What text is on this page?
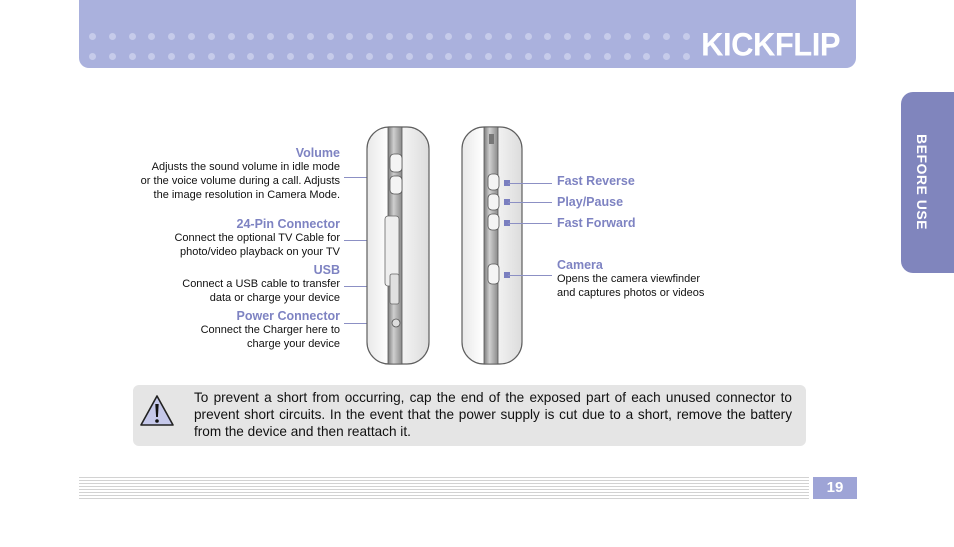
KICKFLIP
BEFORE USE
Volume
Adjusts the sound volume in idle mode
or the voice volume during a call. Adjusts
the image resolution in Camera Mode.
24-Pin Connector
Connect the optional TV Cable for
photo/video playback on your TV
USB
Connect a USB cable to transfer
data or charge your device
Power Connector
Connect the Charger here to
charge your device
Fast Reverse
Play/Pause
Fast Forward
Camera
Opens the camera viewfinder
and captures photos or videos
To prevent a short from occurring, cap the end of the exposed part of each unused connector to prevent short circuits. In the event that the power supply is cut due to a short, remove the battery from the device and then reattach it.
19
